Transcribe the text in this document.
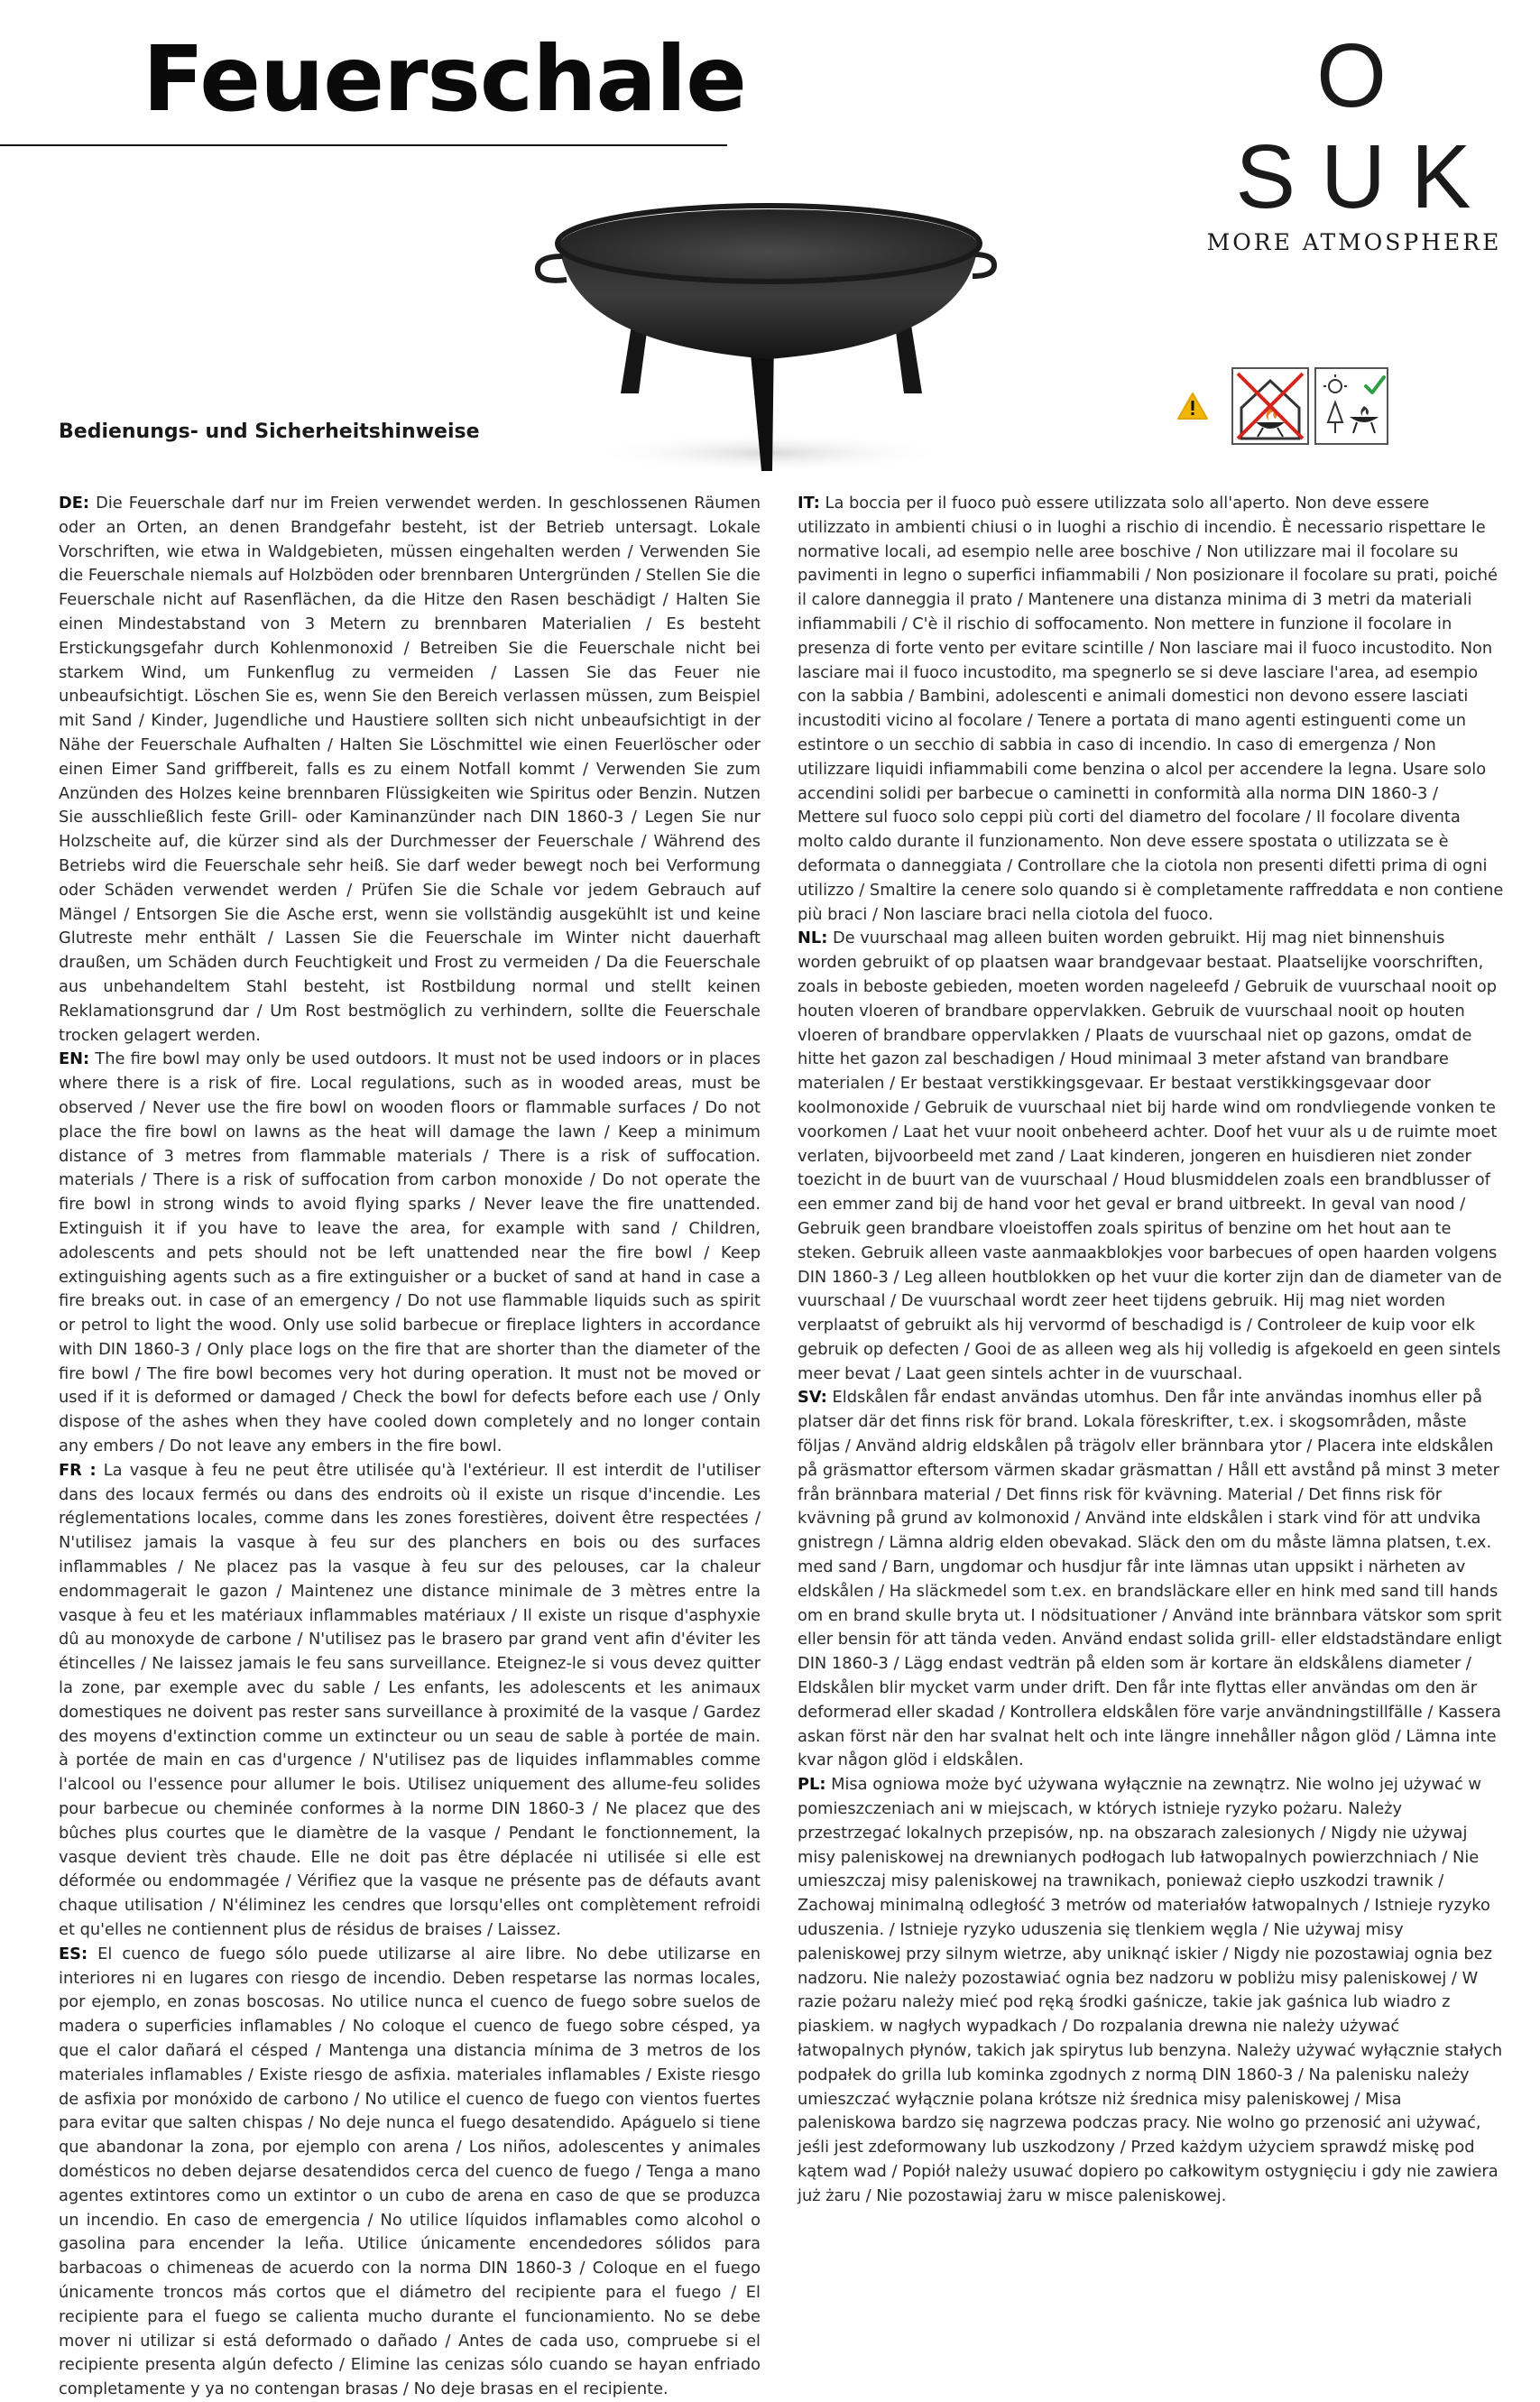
Feuerschale	O
S U K
MORE ATMOSPHERE
Bedienungs- und Sicherheitshinweise

DE: Die Feuerschale darf nur im Freien verwendet werden. In geschlossenen Räumen oder an Orten, an denen Brandgefahr besteht, ist der Betrieb untersagt. Lokale Vorschriften, wie etwa in Waldgebieten, müssen eingehalten werden / Verwenden Sie die Feuerschale niemals auf Holzböden oder brennbaren Untergründen / Stellen Sie die Feuerschale nicht auf Rasenflächen, da die Hitze den Rasen beschädigt / Halten Sie einen Mindestabstand von 3 Metern zu brennbaren Materialien / Es besteht Erstickungsgefahr durch Kohlenmonoxid / Betreiben Sie die Feuerschale nicht bei starkem Wind, um Funkenflug zu vermeiden / Lassen Sie das Feuer nie unbeaufsichtigt. Löschen Sie es, wenn Sie den Bereich verlassen müssen, zum Beispiel mit Sand / Kinder, Jugendliche und Haustiere sollten sich nicht unbeaufsichtigt in der Nähe der Feuerschale Aufhalten / Halten Sie Löschmittel wie einen Feuerlöscher oder einen Eimer Sand griffbereit, falls es zu einem Notfall kommt / Verwenden Sie zum Anzünden des Holzes keine brennbaren Flüssigkeiten wie Spiritus oder Benzin. Nutzen Sie ausschließlich feste Grill- oder Kaminanzünder nach DIN 1860-3 / Legen Sie nur Holzscheite auf, die kürzer sind als der Durchmesser der Feuerschale / Während des Betriebs wird die Feuerschale sehr heiß. Sie darf weder bewegt noch bei Verformung oder Schäden verwendet werden / Prüfen Sie die Schale vor jedem Gebrauch auf Mängel / Entsorgen Sie die Asche erst, wenn sie vollständig ausgekühlt ist und keine Glutreste mehr enthält / Lassen Sie die Feuerschale im Winter nicht dauerhaft draußen, um Schäden durch Feuchtigkeit und Frost zu vermeiden / Da die Feuerschale aus unbehandeltem Stahl besteht, ist Rostbildung normal und stellt keinen Reklamationsgrund dar / Um Rost bestmöglich zu verhindern, sollte die Feuerschale trocken gelagert werden.

EN: The fire bowl may only be used outdoors. It must not be used indoors or in places where there is a risk of fire. Local regulations, such as in wooded areas, must be observed / Never use the fire bowl on wooden floors or flammable surfaces / Do not place the fire bowl on lawns as the heat will damage the lawn / Keep a minimum distance of 3 metres from flammable materials / There is a risk of suffocation. materials / There is a risk of suffocation from carbon monoxide / Do not operate the fire bowl in strong winds to avoid flying sparks / Never leave the fire unattended. Extinguish it if you have to leave the area, for example with sand / Children, adolescents and pets should not be left unattended near the fire bowl / Keep extinguishing agents such as a fire extinguisher or a bucket of sand at hand in case a fire breaks out. in case of an emergency / Do not use flammable liquids such as spirit or petrol to light the wood. Only use solid barbecue or fireplace lighters in accordance with DIN 1860-3 / Only place logs on the fire that are shorter than the diameter of the fire bowl / The fire bowl becomes very hot during operation. It must not be moved or used if it is deformed or damaged / Check the bowl for defects before each use / Only dispose of the ashes when they have cooled down completely and no longer contain any embers / Do not leave any embers in the fire bowl.

FR : La vasque à feu ne peut être utilisée qu'à l'extérieur. Il est interdit de l'utiliser dans des locaux fermés ou dans des endroits où il existe un risque d'incendie. Les réglementations locales, comme dans les zones forestières, doivent être respectées / N'utilisez jamais la vasque à feu sur des planchers en bois ou des surfaces inflammables / Ne placez pas la vasque à feu sur des pelouses, car la chaleur endommagerait le gazon / Maintenez une distance minimale de 3 mètres entre la vasque à feu et les matériaux inflammables matériaux / Il existe un risque d'asphyxie dû au monoxyde de carbone / N'utilisez pas le brasero par grand vent afin d'éviter les étincelles / Ne laissez jamais le feu sans surveillance. Eteignez-le si vous devez quitter la zone, par exemple avec du sable / Les enfants, les adolescents et les animaux domestiques ne doivent pas rester sans surveillance à proximité de la vasque / Gardez des moyens d'extinction comme un extincteur ou un seau de sable à portée de main. à portée de main en cas d'urgence / N'utilisez pas de liquides inflammables comme l'alcool ou l'essence pour allumer le bois. Utilisez uniquement des allume-feu solides pour barbecue ou cheminée conformes à la norme DIN 1860-3 / Ne placez que des bûches plus courtes que le diamètre de la vasque / Pendant le fonctionnement, la vasque devient très chaude. Elle ne doit pas être déplacée ni utilisée si elle est déformée ou endommagée / Vérifiez que la vasque ne présente pas de défauts avant chaque utilisation / N'éliminez les cendres que lorsqu'elles ont complètement refroidi et qu'elles ne contiennent plus de résidus de braises / Laissez.

ES: El cuenco de fuego sólo puede utilizarse al aire libre. No debe utilizarse en interiores ni en lugares con riesgo de incendio. Deben respetarse las normas locales, por ejemplo, en zonas boscosas. No utilice nunca el cuenco de fuego sobre suelos de madera o superficies inflamables / No coloque el cuenco de fuego sobre césped, ya que el calor dañará el césped / Mantenga una distancia mínima de 3 metros de los materiales inflamables / Existe riesgo de asfixia. materiales inflamables / Existe riesgo de asfixia por monóxido de carbono / No utilice el cuenco de fuego con vientos fuertes para evitar que salten chispas / No deje nunca el fuego desatendido. Apáguelo si tiene que abandonar la zona, por ejemplo con arena / Los niños, adolescentes y animales domésticos no deben dejarse desatendidos cerca del cuenco de fuego / Tenga a mano agentes extintores como un extintor o un cubo de arena en caso de que se produzca un incendio. En caso de emergencia / No utilice líquidos inflamables como alcohol o gasolina para encender la leña. Utilice únicamente encendedores sólidos para barbacoas o chimeneas de acuerdo con la norma DIN 1860-3 / Coloque en el fuego únicamente troncos más cortos que el diámetro del recipiente para el fuego / El recipiente para el fuego se calienta mucho durante el funcionamiento. No se debe mover ni utilizar si está deformado o dañado / Antes de cada uso, compruebe si el recipiente presenta algún defecto / Elimine las cenizas sólo cuando se hayan enfriado completamente y ya no contengan brasas / No deje brasas en el recipiente.

IT: La boccia per il fuoco può essere utilizzata solo all'aperto. Non deve essere utilizzato in ambienti chiusi o in luoghi a rischio di incendio. È necessario rispettare le normative locali, ad esempio nelle aree boschive / Non utilizzare mai il focolare su pavimenti in legno o superfici infiammabili / Non posizionare il focolare su prati, poiché il calore danneggia il prato / Mantenere una distanza minima di 3 metri da materiali infiammabili / C'è il rischio di soffocamento. Non mettere in funzione il focolare in presenza di forte vento per evitare scintille / Non lasciare mai il fuoco incustodito. Non lasciare mai il fuoco incustodito, ma spegnerlo se si deve lasciare l'area, ad esempio con la sabbia / Bambini, adolescenti e animali domestici non devono essere lasciati incustoditi vicino al focolare / Tenere a portata di mano agenti estinguenti come un estintore o un secchio di sabbia in caso di incendio. In caso di emergenza / Non utilizzare liquidi infiammabili come benzina o alcol per accendere la legna. Usare solo accendini solidi per barbecue o caminetti in conformità alla norma DIN 1860-3 / Mettere sul fuoco solo ceppi più corti del diametro del focolare / Il focolare diventa molto caldo durante il funzionamento. Non deve essere spostata o utilizzata se è deformata o danneggiata / Controllare che la ciotola non presenti difetti prima di ogni utilizzo / Smaltire la cenere solo quando si è completamente raffreddata e non contiene più braci / Non lasciare braci nella ciotola del fuoco.

NL: De vuurschaal mag alleen buiten worden gebruikt. Hij mag niet binnenshuis worden gebruikt of op plaatsen waar brandgevaar bestaat. Plaatselijke voorschriften, zoals in beboste gebieden, moeten worden nageleefd / Gebruik de vuurschaal nooit op houten vloeren of brandbare oppervlakken. Gebruik de vuurschaal nooit op houten vloeren of brandbare oppervlakken / Plaats de vuurschaal niet op gazons, omdat de hitte het gazon zal beschadigen / Houd minimaal 3 meter afstand van brandbare materialen / Er bestaat verstikkingsgevaar. Er bestaat verstikkingsgevaar door koolmonoxide / Gebruik de vuurschaal niet bij harde wind om rondvliegende vonken te voorkomen / Laat het vuur nooit onbeheerd achter. Doof het vuur als u de ruimte moet verlaten, bijvoorbeeld met zand / Laat kinderen, jongeren en huisdieren niet zonder toezicht in de buurt van de vuurschaal / Houd blusmiddelen zoals een brandblusser of een emmer zand bij de hand voor het geval er brand uitbreekt. In geval van nood / Gebruik geen brandbare vloeistoffen zoals spiritus of benzine om het hout aan te steken. Gebruik alleen vaste aanmaakblokjes voor barbecues of open haarden volgens DIN 1860-3 / Leg alleen houtblokken op het vuur die korter zijn dan de diameter van de vuurschaal / De vuurschaal wordt zeer heet tijdens gebruik. Hij mag niet worden verplaatst of gebruikt als hij vervormd of beschadigd is / Controleer de kuip voor elk gebruik op defecten / Gooi de as alleen weg als hij volledig is afgekoeld en geen sintels meer bevat / Laat geen sintels achter in de vuurschaal.

SV: Eldskålen får endast användas utomhus. Den får inte användas inomhus eller på platser där det finns risk för brand. Lokala föreskrifter, t.ex. i skogsområden, måste följas / Använd aldrig eldskålen på trägolv eller brännbara ytor / Placera inte eldskålen på gräsmattor eftersom värmen skadar gräsmattan / Håll ett avstånd på minst 3 meter från brännbara material / Det finns risk för kvävning. Material / Det finns risk för kvävning på grund av kolmonoxid / Använd inte eldskålen i stark vind för att undvika gnistregn / Lämna aldrig elden obevakad. Släck den om du måste lämna platsen, t.ex. med sand / Barn, ungdomar och husdjur får inte lämnas utan uppsikt i närheten av eldskålen / Ha släckmedel som t.ex. en brandsläckare eller en hink med sand till hands om en brand skulle bryta ut. I nödsituationer / Använd inte brännbara vätskor som sprit eller bensin för att tända veden. Använd endast solida grill- eller eldstadständare enligt DIN 1860-3 / Lägg endast vedträn på elden som är kortare än eldskålens diameter / Eldskålen blir mycket varm under drift. Den får inte flyttas eller användas om den är deformerad eller skadad / Kontrollera eldskålen före varje användningstillfälle / Kassera askan först när den har svalnat helt och inte längre innehåller någon glöd / Lämna inte kvar någon glöd i eldskålen.

PL: Misa ogniowa może być używana wyłącznie na zewnątrz. Nie wolno jej używać w pomieszczeniach ani w miejscach, w których istnieje ryzyko pożaru. Należy przestrzegać lokalnych przepisów, np. na obszarach zalesionych / Nigdy nie używaj misy paleniskowej na drewnianych podłogach lub łatwopalnych powierzchniach / Nie umieszczaj misy paleniskowej na trawnikach, ponieważ ciepło uszkodzi trawnik / Zachowaj minimalną odległość 3 metrów od materiałów łatwopalnych / Istnieje ryzyko uduszenia. / Istnieje ryzyko uduszenia się tlenkiem węgla / Nie używaj misy paleniskowej przy silnym wietrze, aby uniknąć iskier / Nigdy nie pozostawiaj ognia bez nadzoru. Nie należy pozostawiać ognia bez nadzoru w pobliżu misy paleniskowej / W razie pożaru należy mieć pod ręką środki gaśnicze, takie jak gaśnica lub wiadro z piaskiem. w nagłych wypadkach / Do rozpalania drewna nie należy używać łatwopalnych płynów, takich jak spirytus lub benzyna. Należy używać wyłącznie stałych podpałek do grilla lub kominka zgodnych z normą DIN 1860-3 / Na palenisku należy umieszczać wyłącznie polana krótsze niż średnica misy paleniskowej / Misa paleniskowa bardzo się nagrzewa podczas pracy. Nie wolno go przenosić ani używać, jeśli jest zdeformowany lub uszkodzony / Przed każdym użyciem sprawdź miskę pod kątem wad / Popiół należy usuwać dopiero po całkowitym ostygnięciu i gdy nie zawiera już żaru / Nie pozostawiaj żaru w misce paleniskowej.
